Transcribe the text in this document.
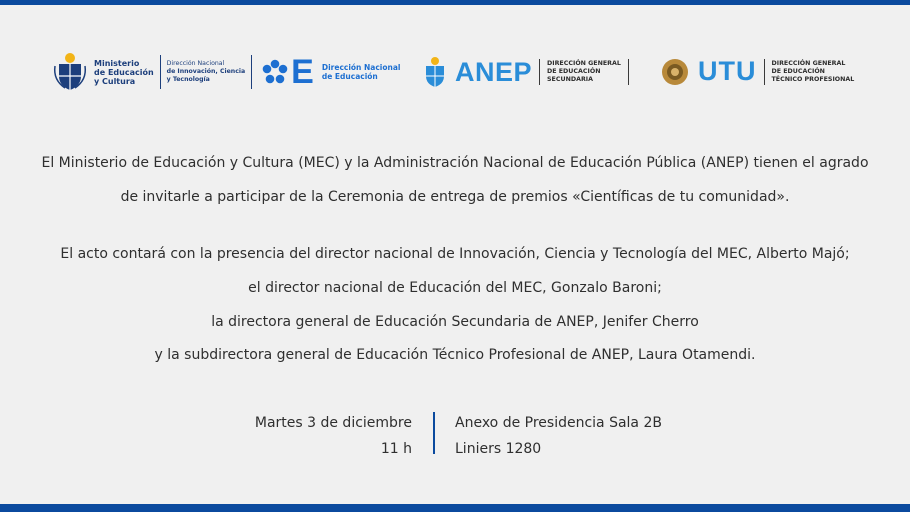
Ministerio
de Educación
y Cultura
Dirección Nacional
de Innovación, Ciencia
y Tecnología	E Dirección Nacional
de Educación	ANEP DIRECCIÓN GENERAL
DE EDUCACIÓN
SECUNDARIA	UTU DIRECCIÓN GENERAL
DE EDUCACIÓN
TÉCNICO PROFESIONAL
El Ministerio de Educación y Cultura (MEC) y la Administración Nacional de Educación Pública (ANEP) tienen el agrado
de invitarle a participar de la Ceremonia de entrega de premios «Científicas de tu comunidad».
El acto contará con la presencia del director nacional de Innovación, Ciencia y Tecnología del MEC, Alberto Majó;
el director nacional de Educación del MEC, Gonzalo Baroni;
la directora general de Educación Secundaria de ANEP, Jenifer Cherro
y la subdirectora general de Educación Técnico Profesional de ANEP, Laura Otamendi.
Martes 3 de diciembre
11 h
Anexo de Presidencia Sala 2B
Liniers 1280
